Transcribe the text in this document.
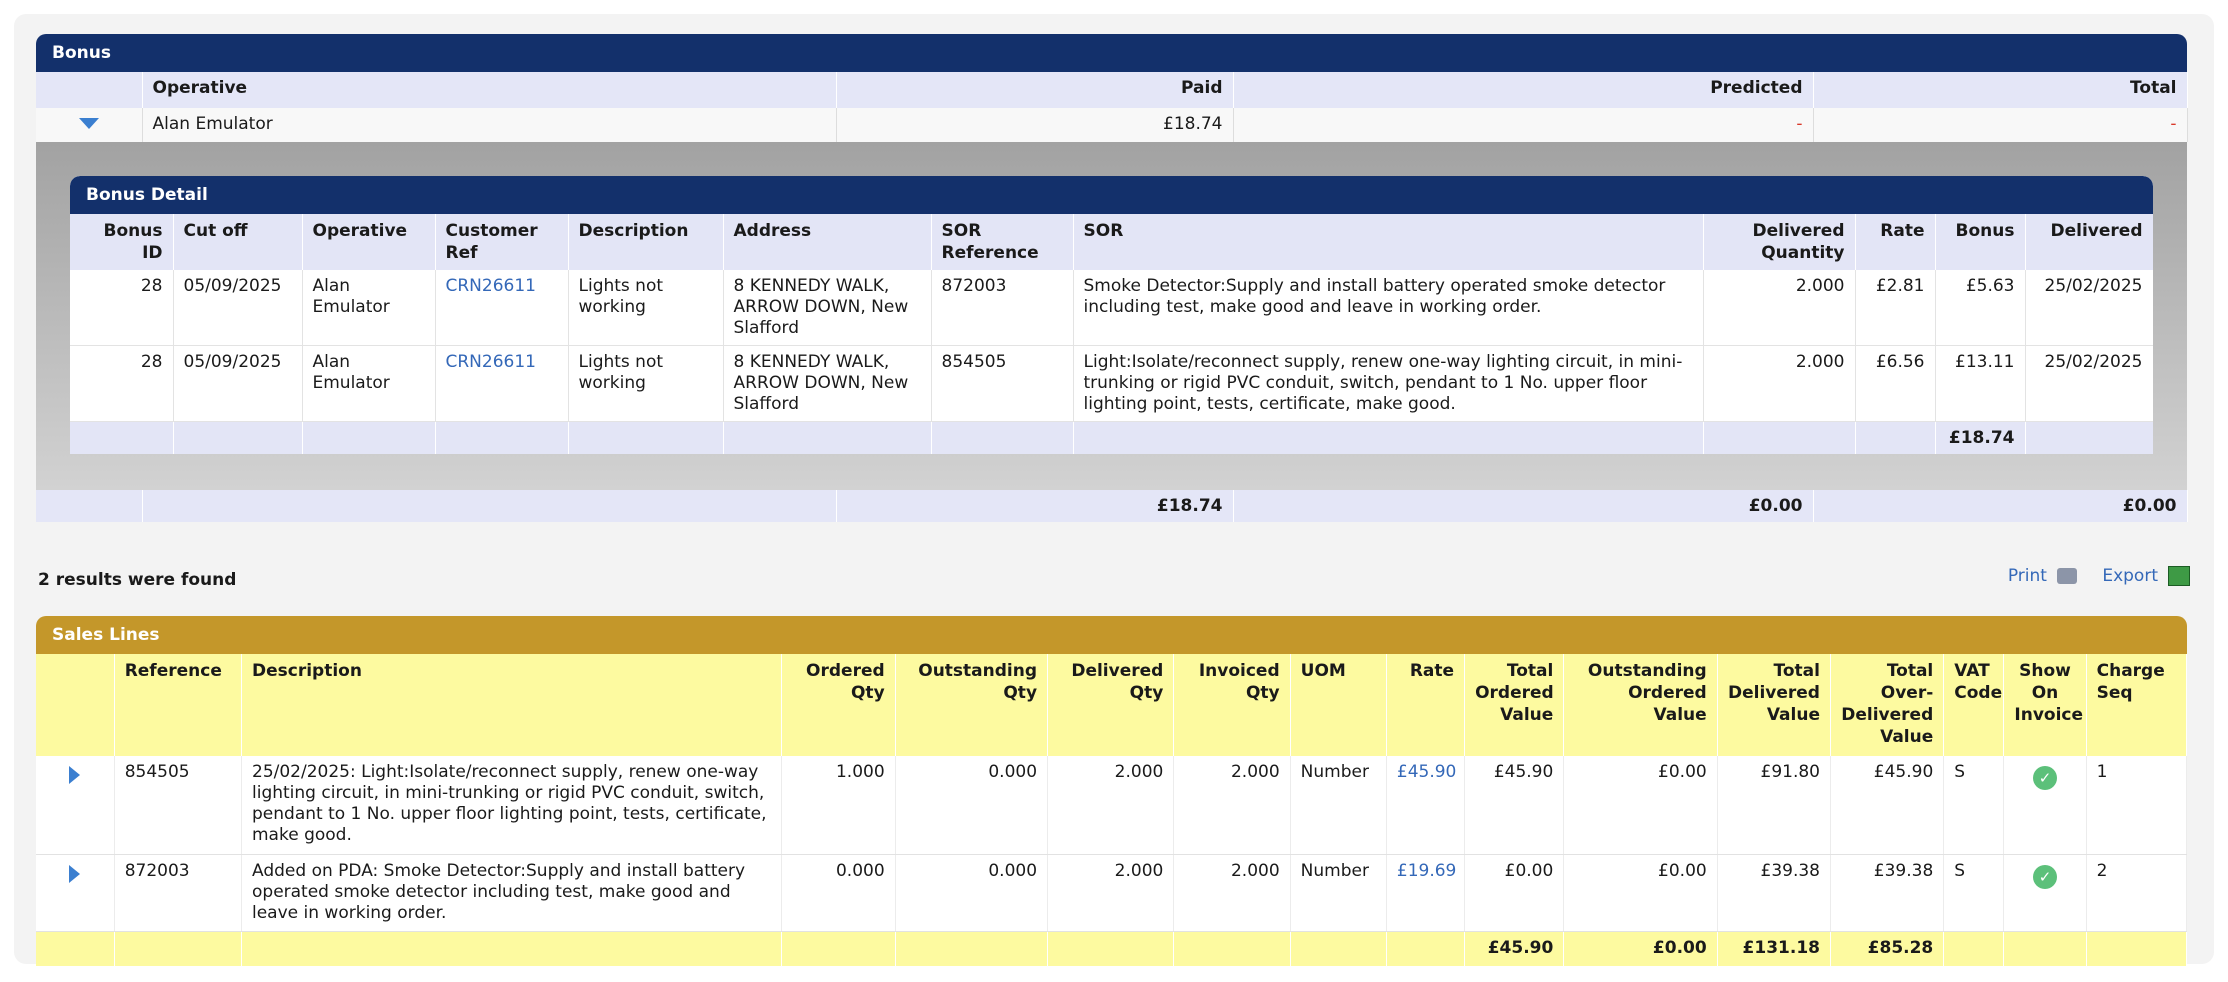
Bonus
	Operative	Paid	Predicted	Total
	Alan Emulator	£18.74	-	-

Bonus Detail
Bonus ID	Cut off	Operative	Customer Ref	Description	Address	SOR Reference	SOR	Delivered Quantity	Rate	Bonus	Delivered
28	05/09/2025	Alan Emulator	CRN26611	Lights not working	8 KENNEDY WALK, ARROW DOWN, New Slafford	872003	Smoke Detector:Supply and install battery operated smoke detector including test, make good and leave in working order.	2.000	£2.81	£5.63	25/02/2025
28	05/09/2025	Alan Emulator	CRN26611	Lights not working	8 KENNEDY WALK, ARROW DOWN, New Slafford	854505	Light:Isolate/reconnect supply, renew one-way lighting circuit, in mini-trunking or rigid PVC conduit, switch, pendant to 1 No. upper floor lighting point, tests, certificate, make good.	2.000	£6.56	£13.11	25/02/2025
										£18.74	

		£18.74	£0.00	£0.00
2 results were found	Print	Export
Sales Lines
	Reference	Description	Ordered Qty	Outstanding Qty	Delivered Qty	Invoiced Qty	UOM	Rate	Total Ordered Value	Outstanding Ordered Value	Total Delivered Value	Total Over-Delivered Value	VAT Code	Show On Invoice	Charge Seq
	854505	25/02/2025: Light:Isolate/reconnect supply, renew one-way lighting circuit, in mini-trunking or rigid PVC conduit, switch, pendant to 1 No. upper floor lighting point, tests, certificate, make good.	1.000	0.000	2.000	2.000	Number	£45.90	£45.90	£0.00	£91.80	£45.90	S	✓	1
	872003	Added on PDA: Smoke Detector:Supply and install battery operated smoke detector including test, make good and leave in working order.	0.000	0.000	2.000	2.000	Number	£19.69	£0.00	£0.00	£39.38	£39.38	S	✓	2
									£45.90	£0.00	£131.18	£85.28			
